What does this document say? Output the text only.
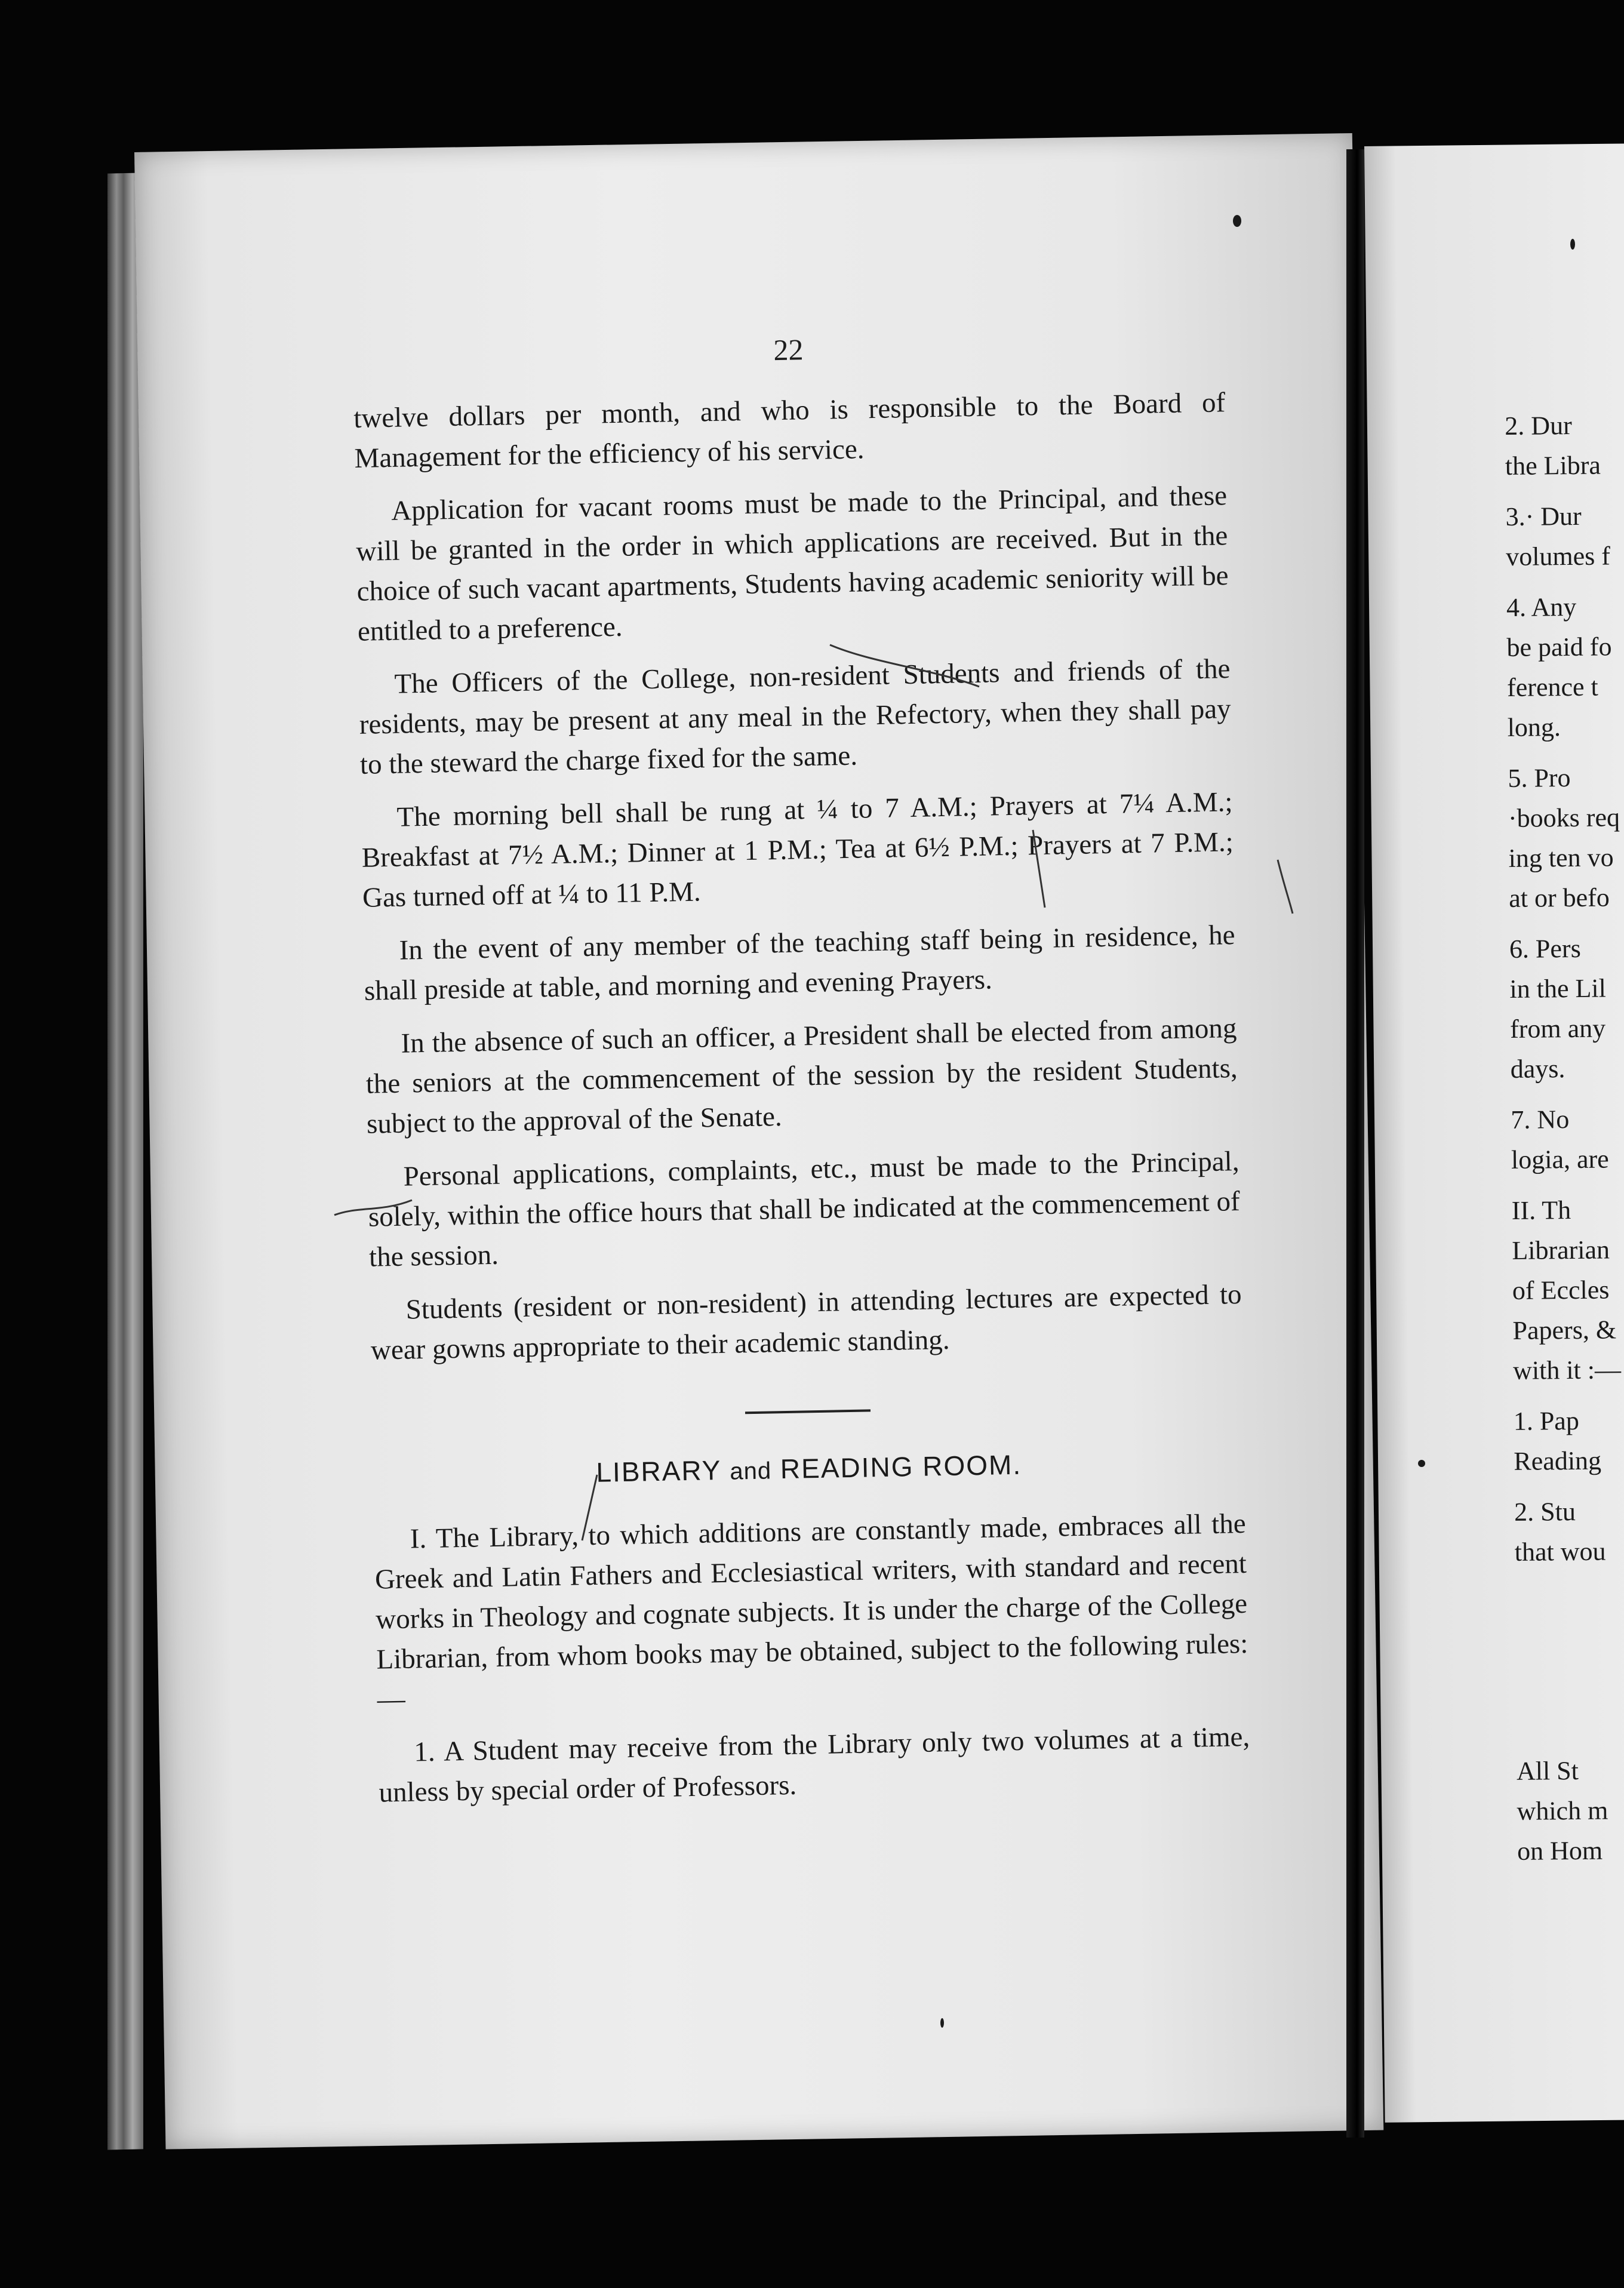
22

twelve dollars per month, and who is responsible to the Board of Management for the efficiency of his service.

Application for vacant rooms must be made to the Principal, and these will be granted in the order in which applications are received. But in the choice of such vacant apartments, Students having academic seniority will be entitled to a preference.

The Officers of the College, non-resident Students and friends of the residents, may be present at any meal in the Refectory, when they shall pay to the steward the charge fixed for the same.

The morning bell shall be rung at ¼ to 7 A.M.; Prayers at 7¼ A.M.; Breakfast at 7½ A.M.; Dinner at 1 P.M.; Tea at 6½ P.M.; Prayers at 7 P.M.; Gas turned off at ¼ to 11 P.M.

In the event of any member of the teaching staff being in residence, he shall preside at table, and morning and evening Prayers.

In the absence of such an officer, a President shall be elected from among the seniors at the commencement of the session by the resident Students, subject to the approval of the Senate.

Personal applications, complaints, etc., must be made to the Principal, solely, within the office hours that shall be indicated at the commencement of the session.

Students (resident or non-resident) in attending lectures are expected to wear gowns appropriate to their academic standing.

LIBRARY and READING ROOM.

I. The Library, to which additions are constantly made, embraces all the Greek and Latin Fathers and Ecclesiastical writers, with standard and recent works in Theology and cognate subjects. It is under the charge of the College Librarian, from whom books may be obtained, subject to the following rules:—

1. A Student may receive from the Library only two volumes at a time, unless by special order of Professors.

2. Dur

the Libra

3.· Dur

volumes f

4. Any

be paid fo

ference t

long.

5. Pro

·books req

ing ten vo

at or befo

6. Pers

in the Lil

from any

days.

7. No

logia, are

II. Th

Librarian

of Eccles

Papers, &

with it :—

1. Pap

Reading

2. Stu

that wou

All St

which m

on Hom
